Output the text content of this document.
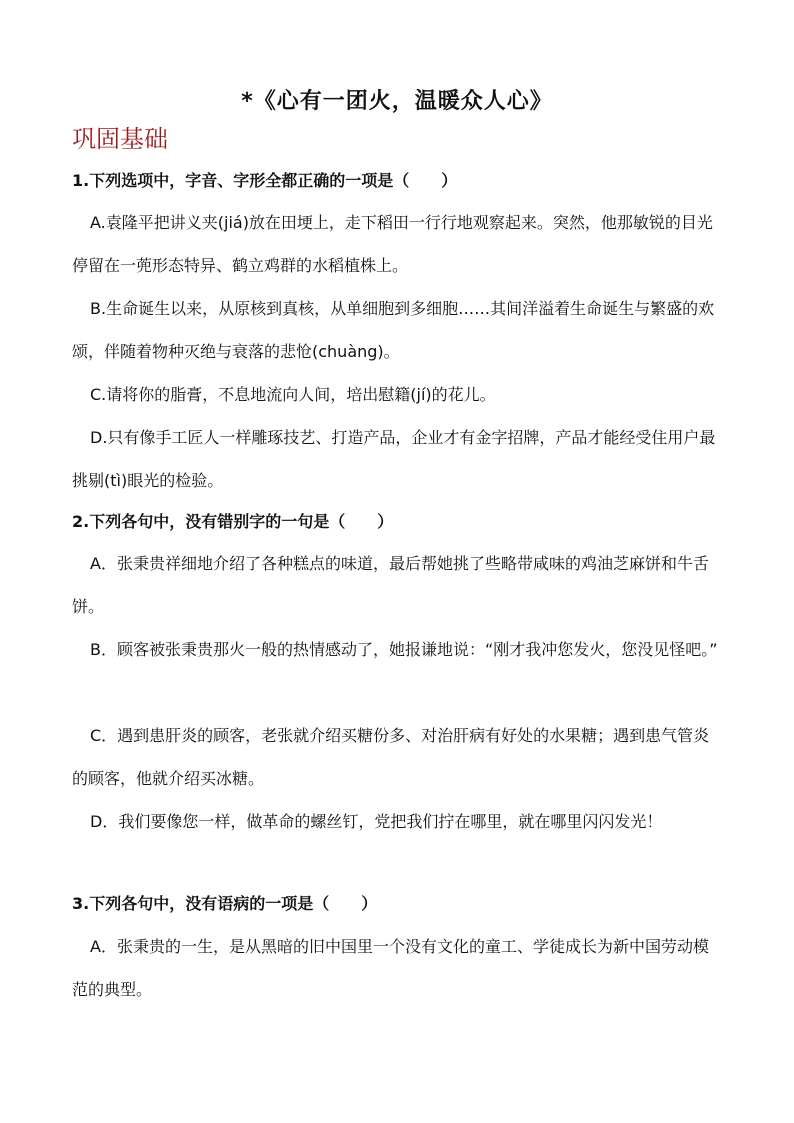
*《心有一团火，温暖众人心》
巩固基础
1.下列选项中，字音、字形全都正确的一项是（　　）
A.袁隆平把讲义夹(jiá)放在田埂上，走下稻田一行行地观察起来。突然，他那敏锐的目光停留在一蔸形态特异、鹤立鸡群的水稻植株上。
B.生命诞生以来，从原核到真核，从单细胞到多细胞……其间洋溢着生命诞生与繁盛的欢颂，伴随着物种灭绝与衰落的悲怆(chuàng)。
C.请将你的脂膏，不息地流向人间，培出慰籍(jí)的花儿。
D.只有像手工匠人一样雕琢技艺、打造产品，企业才有金字招牌，产品才能经受住用户最挑剔(tì)眼光的检验。
2.下列各句中，没有错别字的一句是（　　）
A．张秉贵祥细地介绍了各种糕点的味道，最后帮她挑了些略带咸味的鸡油芝麻饼和牛舌饼。
B．顾客被张秉贵那火一般的热情感动了，她报谦地说：“刚才我冲您发火，您没见怪吧。”
C．遇到患肝炎的顾客，老张就介绍买糖份多、对治肝病有好处的水果糖；遇到患气管炎的顾客，他就介绍买冰糖。
D．我们要像您一样，做革命的螺丝钉，党把我们拧在哪里，就在哪里闪闪发光！
3.下列各句中，没有语病的一项是（　　）
A．张秉贵的一生，是从黑暗的旧中国里一个没有文化的童工、学徒成长为新中国劳动模范的典型。
